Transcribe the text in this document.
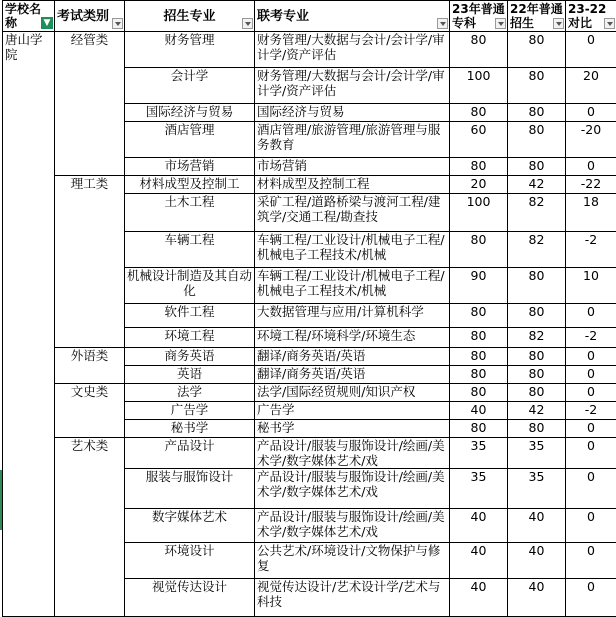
学校名称 ▼	考试类别	招生专业	联考专业	23年普通专科	22年普通招生	23-22对比

唐山学院	经管类	财务管理	财务管理/大数据与会计/会计学/审计学/资产评估	80	80	0
		会计学	财务管理/大数据与会计/会计学/审计学/资产评估	100	80	20
		国际经济与贸易	国际经济与贸易	80	80	0
		酒店管理	酒店管理/旅游管理/旅游管理与服务教育	60	80	-20
		市场营销	市场营销	80	80	0

	理工类	材料成型及控制工	材料成型及控制工程	20	42	-22
		土木工程	采矿工程/道路桥梁与渡河工程/建筑学/交通工程/勘查技	100	82	18
		车辆工程	车辆工程/工业设计/机械电子工程/机械电子工程技术/机械	80	82	-2
		机械设计制造及其自动化	车辆工程/工业设计/机械电子工程/机械电子工程技术/机械	90	80	10
		软件工程	大数据管理与应用/计算机科学	80	80	0
		环境工程	环境工程/环境科学/环境生态	80	82	-2

	外语类	商务英语	翻译/商务英语/英语	80	80	0
		英语	翻译/商务英语/英语	80	80	0

	文史类	法学	法学/国际经贸规则/知识产权	80	80	0
		广告学	广告学	40	42	-2
		秘书学	秘书学	80	80	0

	艺术类	产品设计	产品设计/服装与服饰设计/绘画/美术学/数字媒体艺术/戏	35	35	0
		服装与服饰设计	产品设计/服装与服饰设计/绘画/美术学/数字媒体艺术/戏	35	35	0
		数字媒体艺术	产品设计/服装与服饰设计/绘画/美术学/数字媒体艺术/戏	40	40	0
		环境设计	公共艺术/环境设计/文物保护与修复	40	40	0
		视觉传达设计	视觉传达设计/艺术设计学/艺术与科技	40	40	0
